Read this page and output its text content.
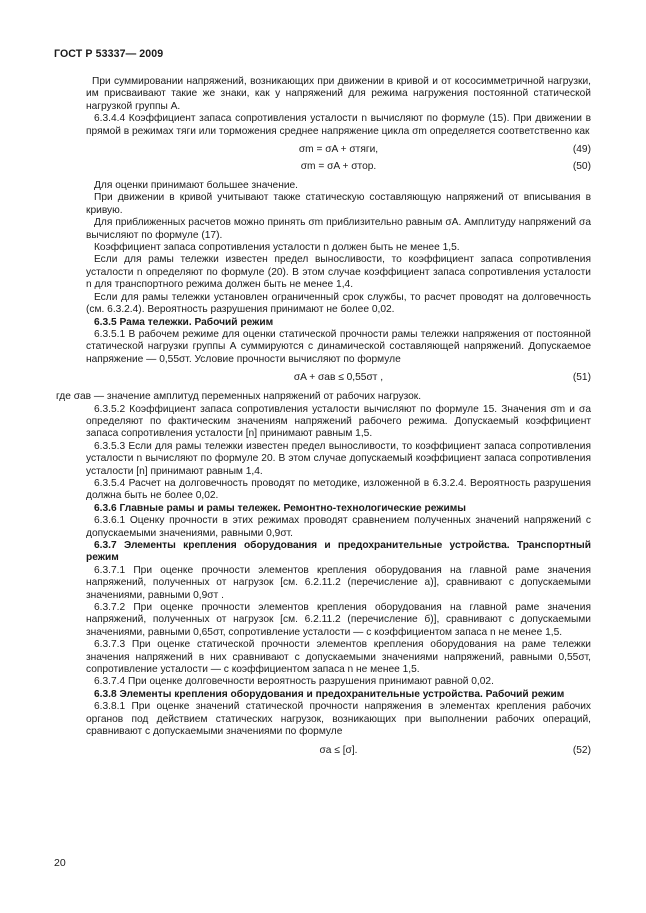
ГОСТ Р 53337— 2009

При суммировании напряжений, возникающих при движении в кривой и от кососимметричной нагрузки, им присваивают такие же знаки, как у напряжений для режима нагружения постоянной статической нагрузкой группы А.

6.3.4.4 Коэффициент запаса сопротивления усталости n вычисляют по формуле (15). При движении в прямой в режимах тяги или торможения среднее напряжение цикла σm определяется соответственно как

σm = σA + σтяги,	(49)
σm = σA + σтор.	(50)

Для оценки принимают большее значение.

При движении в кривой учитывают также статическую составляющую напряжений от вписывания в кривую.

Для приближенных расчетов можно принять σm приблизительно равным σA. Амплитуду напряжений σa вычисляют по формуле (17).

Коэффициент запаса сопротивления усталости n должен быть не менее 1,5.

Если для рамы тележки известен предел выносливости, то коэффициент запаса сопротивления усталости n определяют по формуле (20). В этом случае коэффициент запаса сопротивления усталости n для транспортного режима должен быть не менее 1,4.

Если для рамы тележки установлен ограниченный срок службы, то расчет проводят на долговечность (см. 6.3.2.4). Вероятность разрушения принимают не более 0,02.

6.3.5 Рама тележки. Рабочий режим

6.3.5.1 В рабочем режиме для оценки статической прочности рамы тележки напряжения от постоянной статической нагрузки группы А суммируются с динамической составляющей напряжений. Допускаемое напряжение — 0,55σт. Условие прочности вычисляют по формуле

σA + σaв ≤ 0,55σт ,	(51)

где σaв — значение амплитуд переменных напряжений от рабочих нагрузок.

6.3.5.2 Коэффициент запаса сопротивления усталости вычисляют по формуле 15. Значения σm и σa определяют по фактическим значениям напряжений рабочего режима. Допускаемый коэффициент запаса сопротивления усталости [n] принимают равным 1,5.

6.3.5.3 Если для рамы тележки известен предел выносливости, то коэффициент запаса сопротивления усталости n вычисляют по формуле 20. В этом случае допускаемый коэффициент запаса сопротивления усталости [n] принимают равным 1,4.

6.3.5.4 Расчет на долговечность проводят по методике, изложенной в 6.3.2.4. Вероятность разрушения должна быть не более 0,02.

6.3.6 Главные рамы и рамы тележек. Ремонтно-технологические режимы

6.3.6.1 Оценку прочности в этих режимах проводят сравнением полученных значений напряжений с допускаемыми значениями, равными 0,9σт.

6.3.7 Элементы крепления оборудования и предохранительные устройства. Транспортный режим

6.3.7.1 При оценке прочности элементов крепления оборудования на главной раме значения напряжений, полученных от нагрузок [см. 6.2.11.2 (перечисление а)], сравнивают с допускаемыми значениями, равными 0,9σт .

6.3.7.2 При оценке прочности элементов крепления оборудования на главной раме значения напряжений, полученных от нагрузок [см. 6.2.11.2 (перечисление б)], сравнивают с допускаемыми значениями, равными 0,65σт, сопротивление усталости — с коэффициентом запаса n не менее 1,5.

6.3.7.3 При оценке статической прочности элементов крепления оборудования на раме тележки значения напряжений в них сравнивают с допускаемыми значениями напряжений, равными 0,55σт, сопротивление усталости — с коэффициентом запаса n не менее 1,5.

6.3.7.4 При оценке долговечности вероятность разрушения принимают равной 0,02.

6.3.8 Элементы крепления оборудования и предохранительные устройства. Рабочий режим

6.3.8.1 При оценке значений статической прочности напряжения в элементах крепления рабочих органов под действием статических нагрузок, возникающих при выполнении рабочих операций, сравнивают с допускаемыми значениями по формуле

σa ≤ [σ].	(52)
20
